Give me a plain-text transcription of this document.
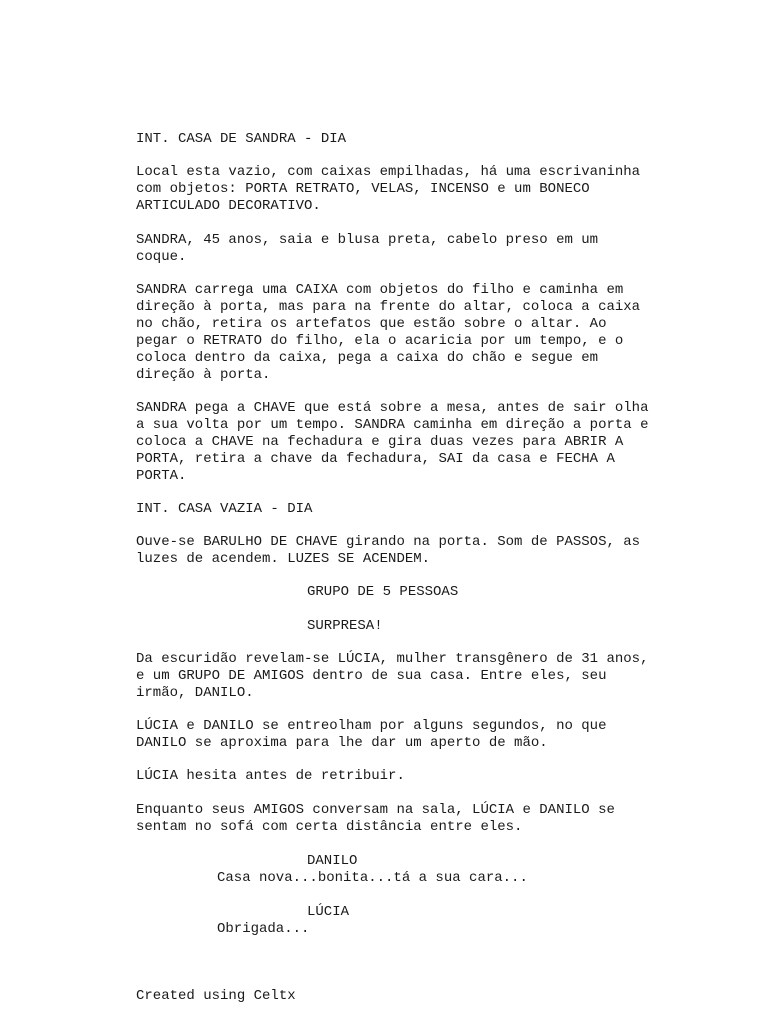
INT. CASA DE SANDRA - DIA
Local esta vazio, com caixas empilhadas, há uma escrivaninha
com objetos: PORTA RETRATO, VELAS, INCENSO e um BONECO
ARTICULADO DECORATIVO.
SANDRA, 45 anos, saia e blusa preta, cabelo preso em um
coque.
SANDRA carrega uma CAIXA com objetos do filho e caminha em
direção à porta, mas para na frente do altar, coloca a caixa
no chão, retira os artefatos que estão sobre o altar. Ao
pegar o RETRATO do filho, ela o acaricia por um tempo, e o
coloca dentro da caixa, pega a caixa do chão e segue em
direção à porta.
SANDRA pega a CHAVE que está sobre a mesa, antes de sair olha
a sua volta por um tempo. SANDRA caminha em direção a porta e
coloca a CHAVE na fechadura e gira duas vezes para ABRIR A
PORTA, retira a chave da fechadura, SAI da casa e FECHA A
PORTA.
INT. CASA VAZIA - DIA
Ouve-se BARULHO DE CHAVE girando na porta. Som de PASSOS, as
luzes de acendem. LUZES SE ACENDEM.
GRUPO DE 5 PESSOAS
SURPRESA!
Da escuridão revelam-se LÚCIA, mulher transgênero de 31 anos,
e um GRUPO DE AMIGOS dentro de sua casa. Entre eles, seu
irmão, DANILO.
LÚCIA e DANILO se entreolham por alguns segundos, no que
DANILO se aproxima para lhe dar um aperto de mão.
LÚCIA hesita antes de retribuir.
Enquanto seus AMIGOS conversam na sala, LÚCIA e DANILO se
sentam no sofá com certa distância entre eles.
DANILO
Casa nova...bonita...tá a sua cara...
LÚCIA
Obrigada...
Created using Celtx
